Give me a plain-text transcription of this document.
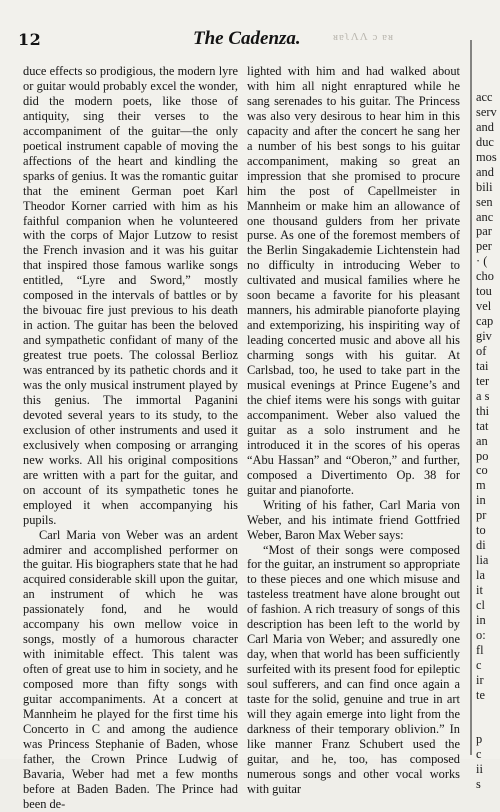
12	The Cadenza.	ᴚɐʅɅɅ ɔ ɐᴚ

duce effects so prodigious, the modern lyre or guitar would probably excel the wonder, did the modern poets, like those of antiquity, sing their verses to the accompaniment of the guitar—the only poetical instrument capable of moving the affections of the heart and kindling the sparks of genius. It was the romantic guitar that the eminent German poet Karl Theodor Korner carried with him as his faithful companion when he volunteered with the corps of Major Lutzow to resist the French invasion and it was his guitar that inspired those famous warlike songs entitled, “Lyre and Sword,” mostly composed in the intervals of battles or by the bivouac fire just previous to his death in action. The guitar has been the beloved and sympathetic confidant of many of the greatest true poets. The colossal Berlioz was entranced by its pathetic chords and it was the only musical instrument played by this genius. The immortal Paganini devoted several years to its study, to the exclusion of other instruments and used it exclusively when composing or arranging new works. All his original compositions are written with a part for the guitar, and on account of its sympathetic tones he employed it when accompanying his pupils.

Carl Maria von Weber was an ardent admirer and accomplished performer on the guitar. His biographers state that he had acquired considerable skill upon the guitar, an instrument of which he was passionately fond, and he would accompany his own mellow voice in songs, mostly of a humorous character with inimitable effect. This talent was often of great use to him in society, and he composed more than fifty songs with guitar accompaniments. At a concert at Mannheim he played for the first time his Concerto in C and among the audience was Princess Stephanie of Baden, whose father, the Crown Prince Ludwig of Bavaria, Weber had met a few months before at Baden Baden. The Prince had been de-

lighted with him and had walked about with him all night enraptured while he sang serenades to his guitar. The Princess was also very desirous to hear him in this capacity and after the concert he sang her a number of his best songs to his guitar accompaniment, making so great an impression that she promised to procure him the post of Capellmeister in Mannheim or make him an allowance of one thousand gulders from her private purse. As one of the foremost members of the Berlin Singakademie Lichtenstein had no difficulty in introducing Weber to cultivated and musical families where he soon became a favorite for his pleasant manners, his admirable pianoforte playing and extemporizing, his inspiriting way of leading concerted music and above all his charming songs with his guitar. At Carlsbad, too, he used to take part in the musical evenings at Prince Eugene’s and the chief items were his songs with guitar accompaniment. Weber also valued the guitar as a solo instrument and he introduced it in the scores of his operas “Abu Hassan” and “Oberon,” and further, composed a Divertimento Op. 38 for guitar and pianoforte.

Writing of his father, Carl Maria von Weber, and his intimate friend Gottfried Weber, Baron Max Weber says:

“Most of their songs were composed for the guitar, an instrument so appropriate to these pieces and one which misuse and tasteless treatment have alone brought out of fashion. A rich treasury of songs of this description has been left to the world by Carl Maria von Weber; and assuredly one day, when that world has been sufficiently surfeited with its present food for epileptic soul sufferers, and can find once again a taste for the solid, genuine and true in art will they again emerge into light from the darkness of their temporary oblivion.” In like manner Franz Schubert used the guitar, and he, too, has composed numerous songs and other vocal works with guitar

acc
serv
and
duc
mos
and
bili
sen
anc
par
per
· (
cho
tou
vel
cap
giv
of
tai
ter
a s
thi
tat
an
po
co
m
in
pr
to
di
lia
la
it
cl
in
o:
fl
c
ir
te
p
c
ii
s
